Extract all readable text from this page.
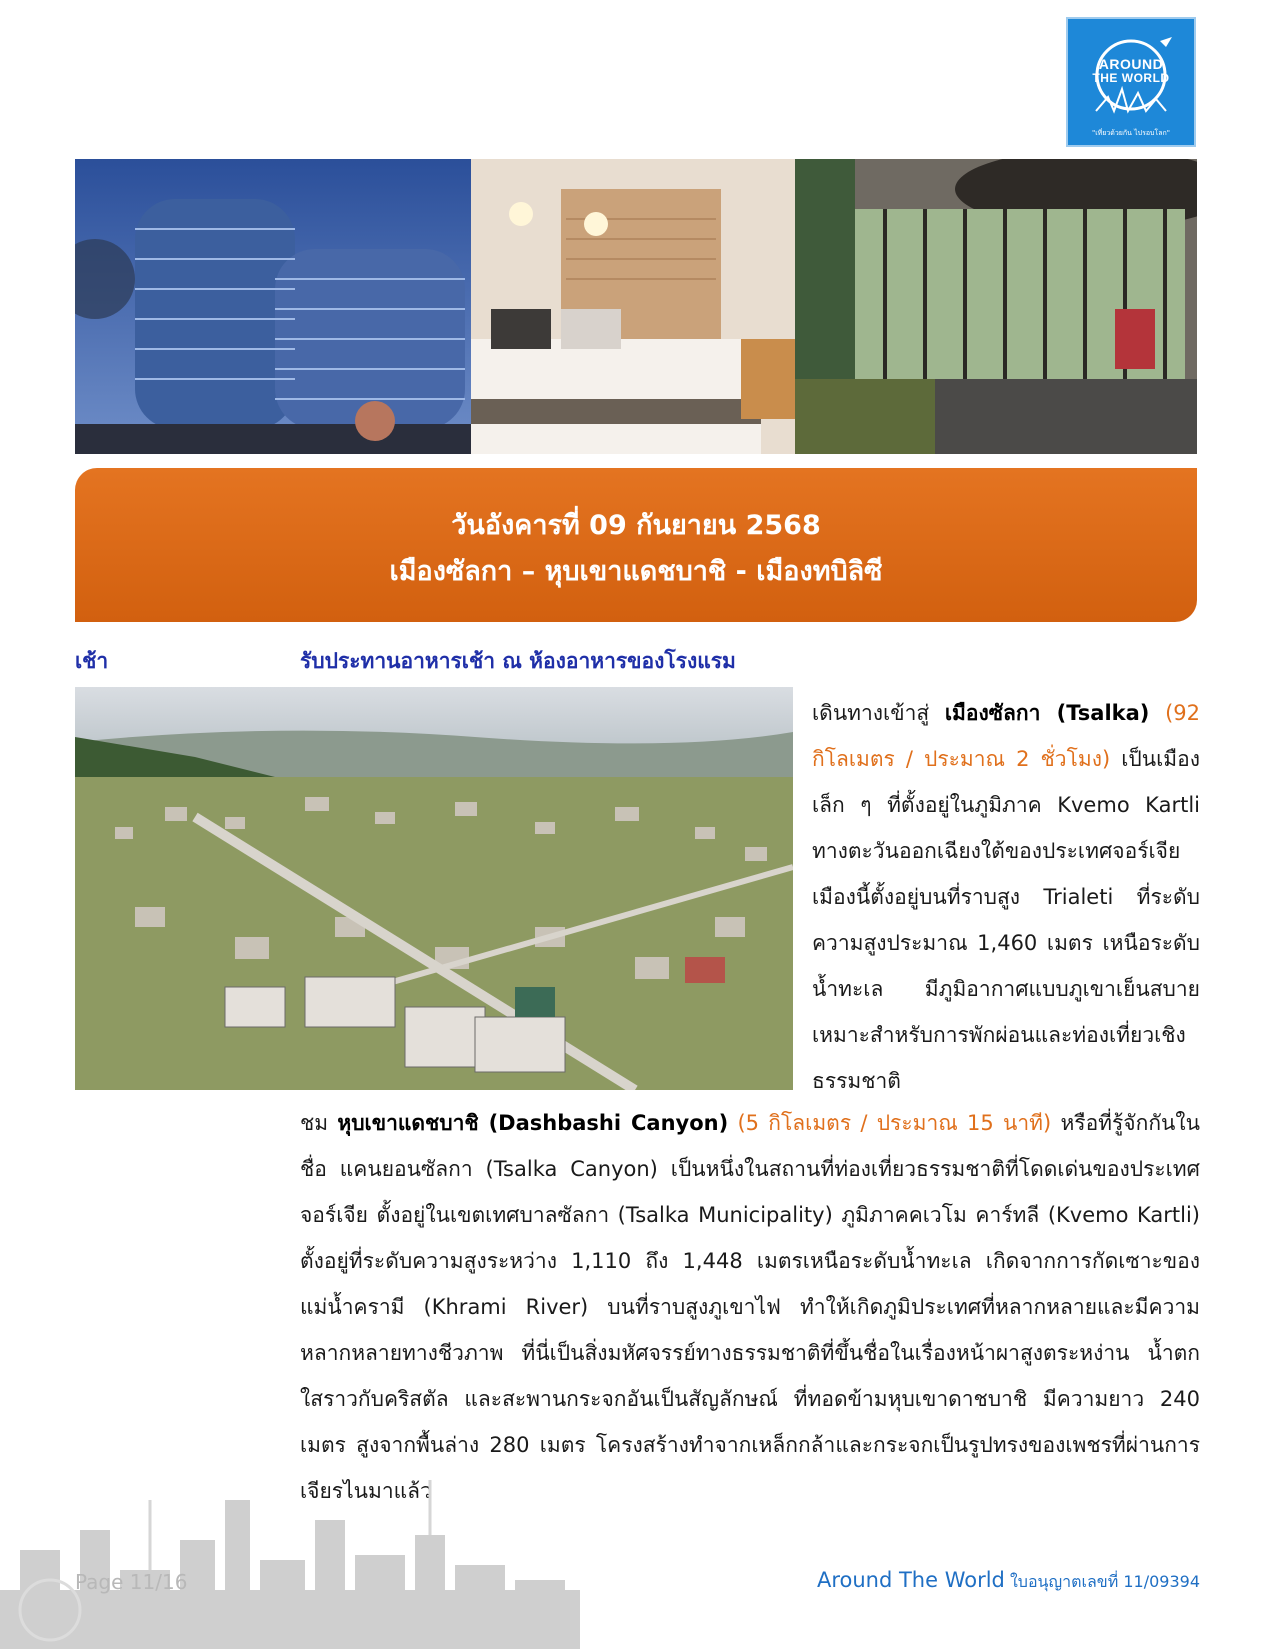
AROUND
THE WORLD
"เที่ยวด้วยกัน ไปรอบโลก"
วันอังคารที่ 09 กันยายน 2568
เมืองซัลกา – หุบเขาแดชบาชิ - เมืองทบิลิซี
เช้า	รับประทานอาหารเช้า ณ ห้องอาหารของโรงแรม
เดินทางเข้าสู่ เมืองซัลกา (Tsalka) (92 กิโลเมตร / ประมาณ 2 ชั่วโมง) เป็นเมืองเล็ก ๆ ที่ตั้งอยู่ในภูมิภาค Kvemo Kartli ทางตะวันออกเฉียงใต้ของประเทศจอร์เจีย เมืองนี้ตั้งอยู่บนที่ราบสูง Trialeti ที่ระดับความสูงประมาณ 1,460 เมตร เหนือระดับน้ำทะเล มีภูมิอากาศแบบภูเขาเย็นสบาย เหมาะสำหรับการพักผ่อนและท่องเที่ยวเชิงธรรมชาติ
ชม หุบเขาแดชบาชิ (Dashbashi Canyon) (5 กิโลเมตร / ประมาณ 15 นาที) หรือที่รู้จักกันในชื่อ แคนยอนซัลกา (Tsalka Canyon) เป็นหนึ่งในสถานที่ท่องเที่ยวธรรมชาติที่โดดเด่นของประเทศจอร์เจีย ตั้งอยู่ในเขตเทศบาลซัลกา (Tsalka Municipality) ภูมิภาคคเวโม คาร์ทลี (Kvemo Kartli) ตั้งอยู่ที่ระดับความสูงระหว่าง 1,110 ถึง 1,448 เมตรเหนือระดับน้ำทะเล เกิดจากการกัดเซาะของแม่น้ำครามี (Khrami River) บนที่ราบสูงภูเขาไฟ ทำให้เกิดภูมิประเทศที่หลากหลายและมีความหลากหลายทางชีวภาพ ที่นี่เป็นสิ่งมหัศจรรย์ทางธรรมชาติที่ขึ้นชื่อในเรื่องหน้าผาสูงตระหง่าน น้ำตกใสราวกับคริสตัล และสะพานกระจกอันเป็นสัญลักษณ์ ที่ทอดข้ามหุบเขาดาชบาชิ มีความยาว 240 เมตร สูงจากพื้นล่าง 280 เมตร โครงสร้างทำจากเหล็กกล้าและกระจกเป็นรูปทรงของเพชรที่ผ่านการเจียรไนมาแล้ว
Page 11/16	Around The World ใบอนุญาตเลขที่ 11/09394
